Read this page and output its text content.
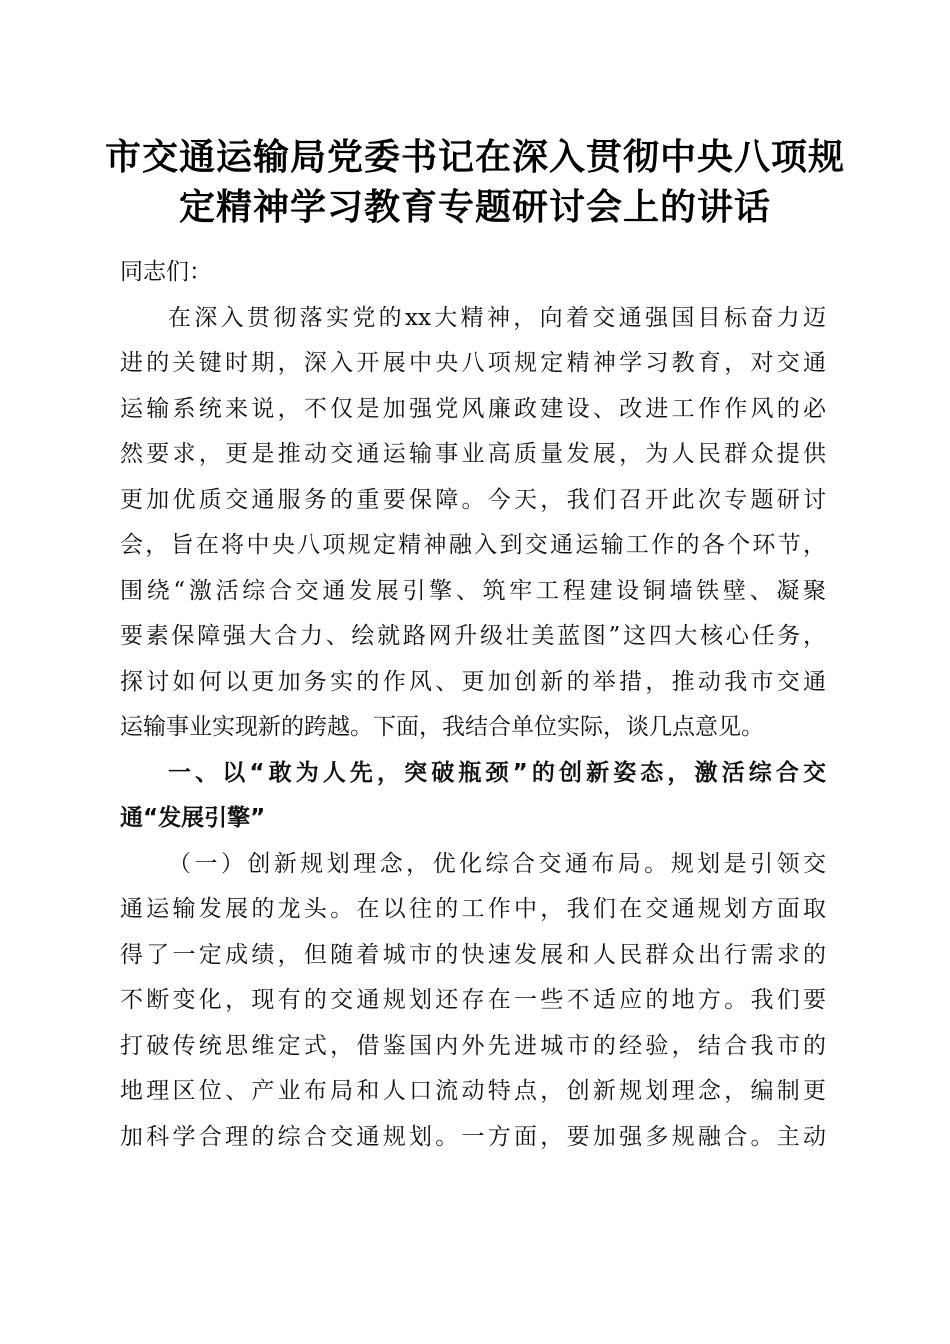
市交通运输局党委书记在深入贯彻中央八项规
定精神学习教育专题研讨会上的讲话
同志们：
在深入贯彻落实党的xx大精神，向着交通强国目标奋力迈
进的关键时期，深入开展中央八项规定精神学习教育，对交通
运输系统来说，不仅是加强党风廉政建设、改进工作作风的必
然要求，更是推动交通运输事业高质量发展，为人民群众提供
更加优质交通服务的重要保障。今天，我们召开此次专题研讨
会，旨在将中央八项规定精神融入到交通运输工作的各个环节，
围绕“激活综合交通发展引擎、筑牢工程建设铜墙铁壁、凝聚
要素保障强大合力、绘就路网升级壮美蓝图”这四大核心任务，
探讨如何以更加务实的作风、更加创新的举措，推动我市交通
运输事业实现新的跨越。下面，我结合单位实际，谈几点意见。
一、以“敢为人先，突破瓶颈”的创新姿态，激活综合交
通“发展引擎”
（一）创新规划理念，优化综合交通布局。规划是引领交
通运输发展的龙头。在以往的工作中，我们在交通规划方面取
得了一定成绩，但随着城市的快速发展和人民群众出行需求的
不断变化，现有的交通规划还存在一些不适应的地方。我们要
打破传统思维定式，借鉴国内外先进城市的经验，结合我市的
地理区位、产业布局和人口流动特点，创新规划理念，编制更
加科学合理的综合交通规划。一方面，要加强多规融合。主动
